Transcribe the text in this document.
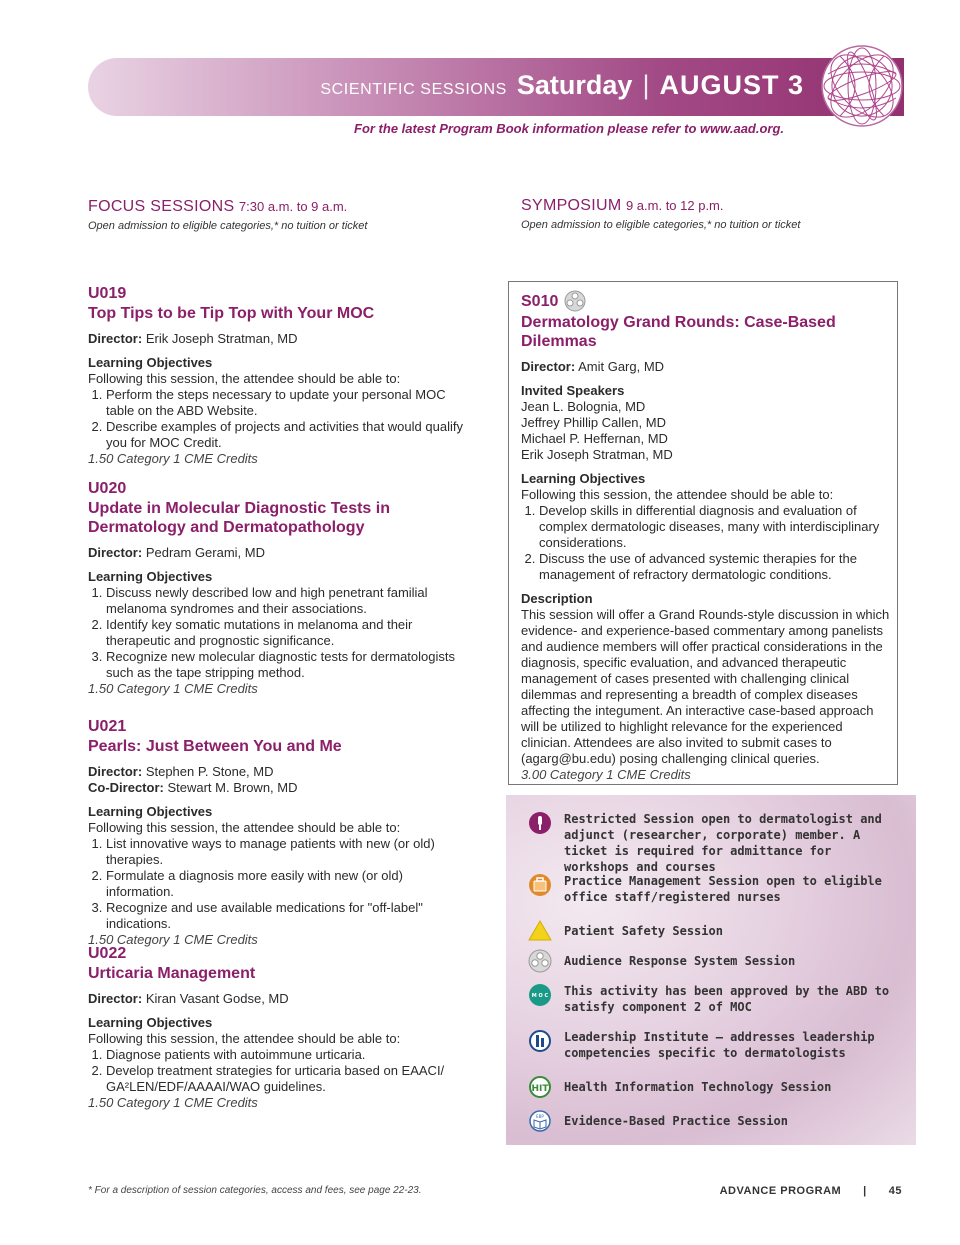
SCIENTIFIC SESSIONS Saturday | AUGUST 3
For the latest Program Book information please refer to www.aad.org.
FOCUS SESSIONS 7:30 a.m. to 9 a.m.
Open admission to eligible categories,* no tuition or ticket
SYMPOSIUM 9 a.m. to 12 p.m.
Open admission to eligible categories,* no tuition or ticket
U019
Top Tips to be Tip Top with Your MOC
Director: Erik Joseph Stratman, MD
Learning Objectives
Following this session, the attendee should be able to:
1. Perform the steps necessary to update your personal MOC table on the ABD Website.
2. Describe examples of projects and activities that would qualify you for MOC Credit.
1.50 Category 1 CME Credits
U020
Update in Molecular Diagnostic Tests in Dermatology and Dermatopathology
Director: Pedram Gerami, MD
Learning Objectives
1. Discuss newly described low and high penetrant familial melanoma syndromes and their associations.
2. Identify key somatic mutations in melanoma and their therapeutic and prognostic significance.
3. Recognize new molecular diagnostic tests for dermatologists such as the tape stripping method.
1.50 Category 1 CME Credits
U021
Pearls: Just Between You and Me
Director: Stephen P. Stone, MD
Co-Director: Stewart M. Brown, MD
Learning Objectives
Following this session, the attendee should be able to:
1. List innovative ways to manage patients with new (or old) therapies.
2. Formulate a diagnosis more easily with new (or old) information.
3. Recognize and use available medications for "off-label" indications.
1.50 Category 1 CME Credits
U022
Urticaria Management
Director: Kiran Vasant Godse, MD
Learning Objectives
Following this session, the attendee should be able to:
1. Diagnose patients with autoimmune urticaria.
2. Develop treatment strategies for urticaria based on EAACI/ GA²LEN/EDF/AAAAI/WAO guidelines.
1.50 Category 1 CME Credits
S010
Dermatology Grand Rounds: Case-Based Dilemmas
Director: Amit Garg, MD
Invited Speakers
Jean L. Bolognia, MD
Jeffrey Phillip Callen, MD
Michael P. Heffernan, MD
Erik Joseph Stratman, MD
Learning Objectives
Following this session, the attendee should be able to:
1. Develop skills in differential diagnosis and evaluation of complex dermatologic diseases, many with interdisciplinary considerations.
2. Discuss the use of advanced systemic therapies for the management of refractory dermatologic conditions.
Description
This session will offer a Grand Rounds-style discussion in which evidence- and experience-based commentary among panelists and audience members will offer practical considerations in the diagnosis, specific evaluation, and advanced therapeutic management of cases presented with challenging clinical dilemmas and representing a breadth of complex diseases affecting the integument. An interactive case-based approach will be utilized to highlight relevance for the experienced clinician. Attendees are also invited to submit cases to (agarg@bu.edu) posing challenging clinical queries.
3.00 Category 1 CME Credits
Restricted Session open to dermatologist and adjunct (researcher, corporate) member. A ticket is required for admittance for workshops and courses
Practice Management Session open to eligible office staff/registered nurses
Patient Safety Session
Audience Response System Session
M O C This activity has been approved by the ABD to satisfy component 2 of MOC
Leadership Institute — addresses leadership competencies specific to dermatologists
HIT Health Information Technology Session
EBP Evidence-Based Practice Session
* For a description of session categories, access and fees, see page 22-23.	ADVANCE PROGRAM | 45
